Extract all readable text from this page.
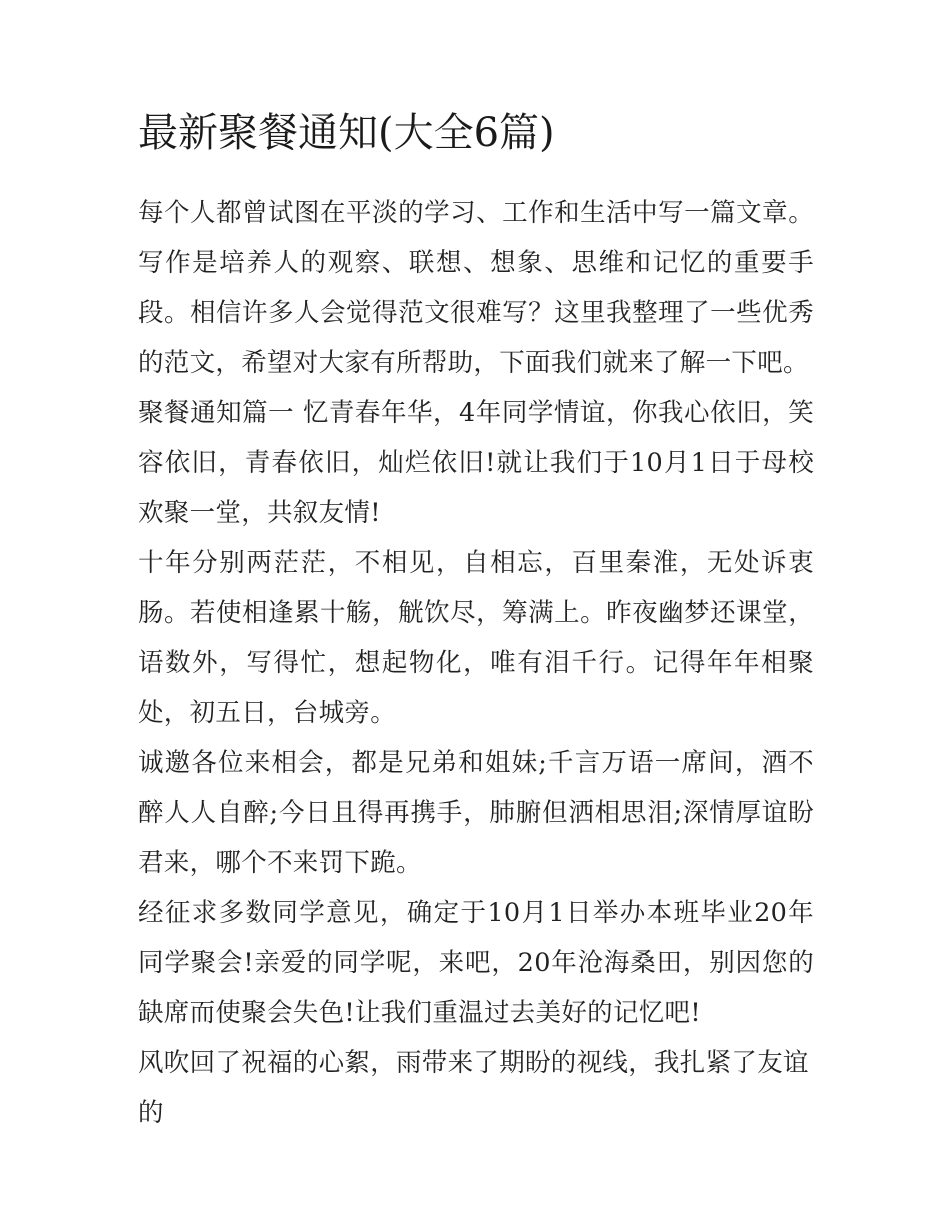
最新聚餐通知(大全6篇)

每个人都曾试图在平淡的学习、工作和生活中写一篇文章。写作是培养人的观察、联想、想象、思维和记忆的重要手段。相信许多人会觉得范文很难写？这里我整理了一些优秀的范文，希望对大家有所帮助，下面我们就来了解一下吧。

聚餐通知篇一 忆青春年华，4年同学情谊，你我心依旧，笑容依旧，青春依旧，灿烂依旧!就让我们于10月1日于母校欢聚一堂，共叙友情!

十年分别两茫茫，不相见，自相忘，百里秦淮，无处诉衷肠。若使相逢累十觞，觥饮尽，筹满上。昨夜幽梦还课堂，语数外，写得忙，想起物化，唯有泪千行。记得年年相聚处，初五日，台城旁。

诚邀各位来相会，都是兄弟和姐妹;千言万语一席间，酒不醉人人自醉;今日且得再携手，肺腑但洒相思泪;深情厚谊盼君来，哪个不来罚下跪。

经征求多数同学意见，确定于10月1日举办本班毕业20年同学聚会!亲爱的同学呢，来吧，20年沧海桑田，别因您的缺席而使聚会失色!让我们重温过去美好的记忆吧!

风吹回了祝福的心絮，雨带来了期盼的视线，我扎紧了友谊的
